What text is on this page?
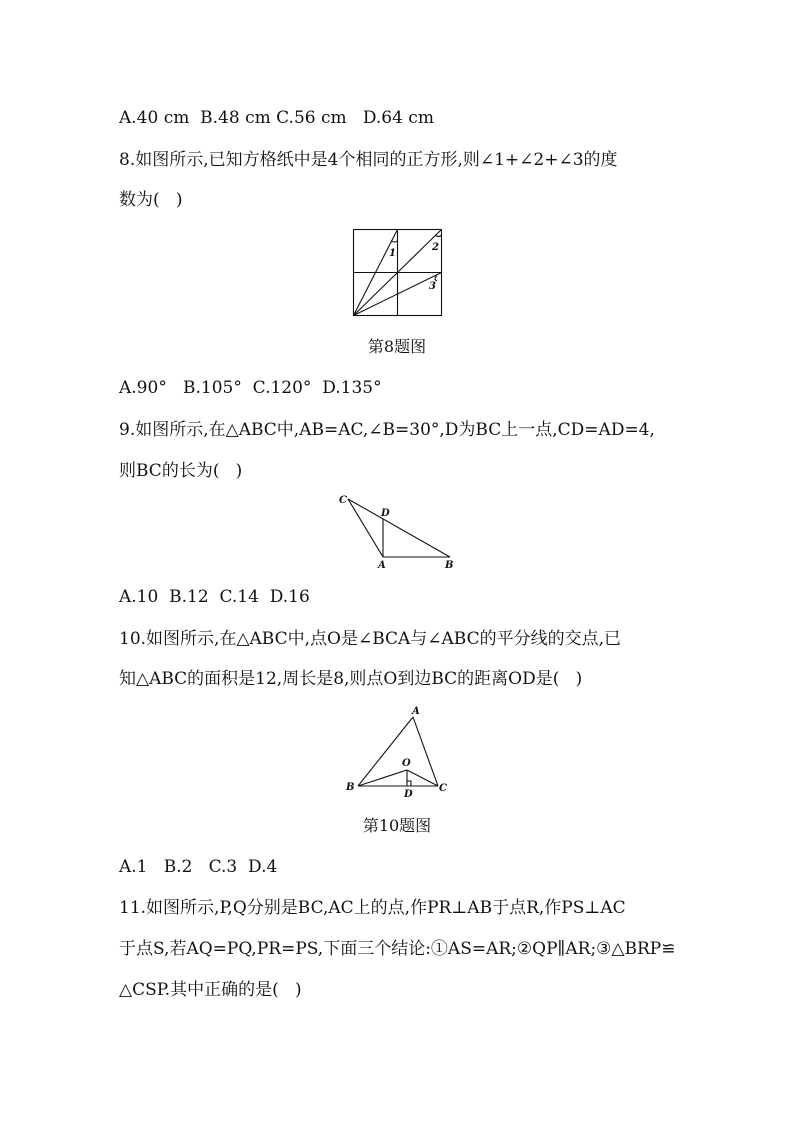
A.40 cm  B.48 cm C.56 cm   D.64 cm
8.如图所示,已知方格纸中是4个相同的正方形,则∠1+∠2+∠3的度
数为(   )
1
2
3
第8题图
A.90°   B.105°  C.120°  D.135°
9.如图所示,在△ABC中,AB=AC,∠B=30°,D为BC上一点,CD=AD=4,
则BC的长为(   )
C
D
A	B
A.10  B.12  C.14  D.16
10.如图所示,在△ABC中,点O是∠BCA与∠ABC的平分线的交点,已
知△ABC的面积是12,周长是8,则点O到边BC的距离OD是(   )
A
O
B
D
C
第10题图
A.1   B.2   C.3  D.4
11.如图所示,P,Q分别是BC,AC上的点,作PR⊥AB于点R,作PS⊥AC
于点S,若AQ=PQ,PR=PS,下面三个结论:①AS=AR;②QP∥AR;③△BRP≌
△CSP.其中正确的是(   )
